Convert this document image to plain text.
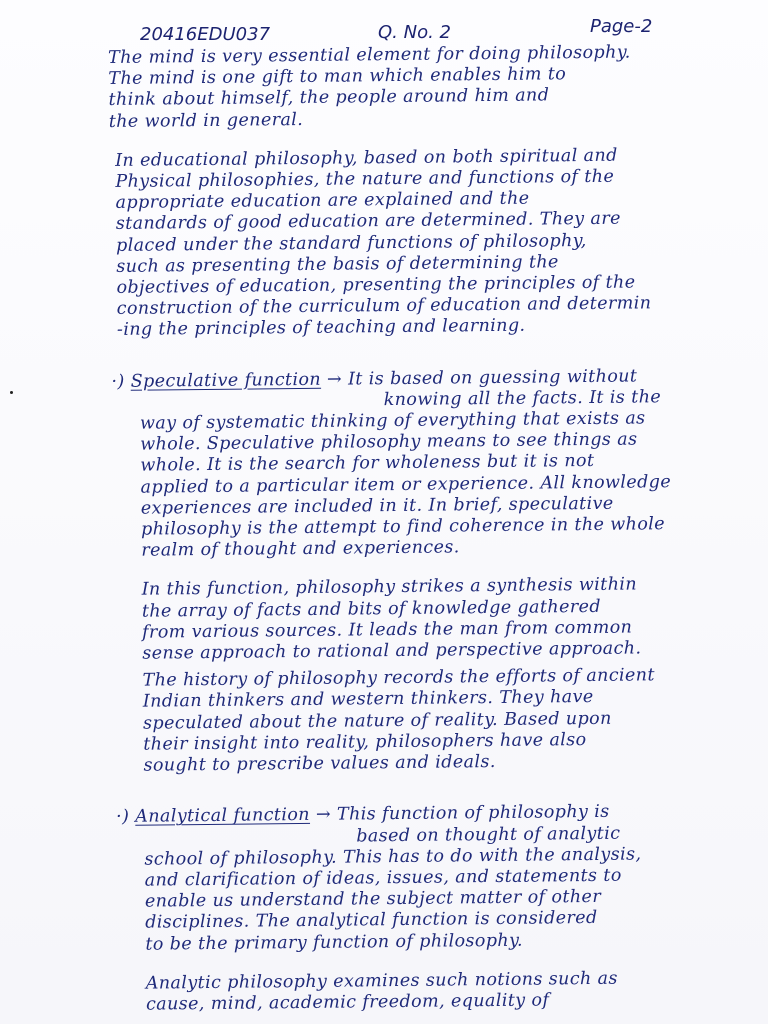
20416EDU037	Q. No. 2	Page-2
The mind is very essential element for doing philosophy.
The mind is one gift to man which enables him to
think about himself, the people around him and
the world in general.
In educational philosophy, based on both spiritual and
Physical philosophies, the nature and functions of the
appropriate education are explained and the
standards of good education are determined. They are
placed under the standard functions of philosophy,
such as presenting the basis of determining the
objectives of education, presenting the principles of the
construction of the curriculum of education and determin
-ing the principles of teaching and learning.
·) Speculative function → It is based on guessing without
knowing all the facts. It is the
way of systematic thinking of everything that exists as
whole. Speculative philosophy means to see things as
whole. It is the search for wholeness but it is not
applied to a particular item or experience. All knowledge
experiences are included in it. In brief, speculative
philosophy is the attempt to find coherence in the whole
realm of thought and experiences.
In this function, philosophy strikes a synthesis within
the array of facts and bits of knowledge gathered
from various sources. It leads the man from common
sense approach to rational and perspective approach.
The history of philosophy records the efforts of ancient
Indian thinkers and western thinkers. They have
speculated about the nature of reality. Based upon
their insight into reality, philosophers have also
sought to prescribe values and ideals.
·) Analytical function → This function of philosophy is
based on thought of analytic
school of philosophy. This has to do with the analysis,
and clarification of ideas, issues, and statements to
enable us understand the subject matter of other
disciplines. The analytical function is considered
to be the primary function of philosophy.
Analytic philosophy examines such notions such as
cause, mind, academic freedom, equality of
